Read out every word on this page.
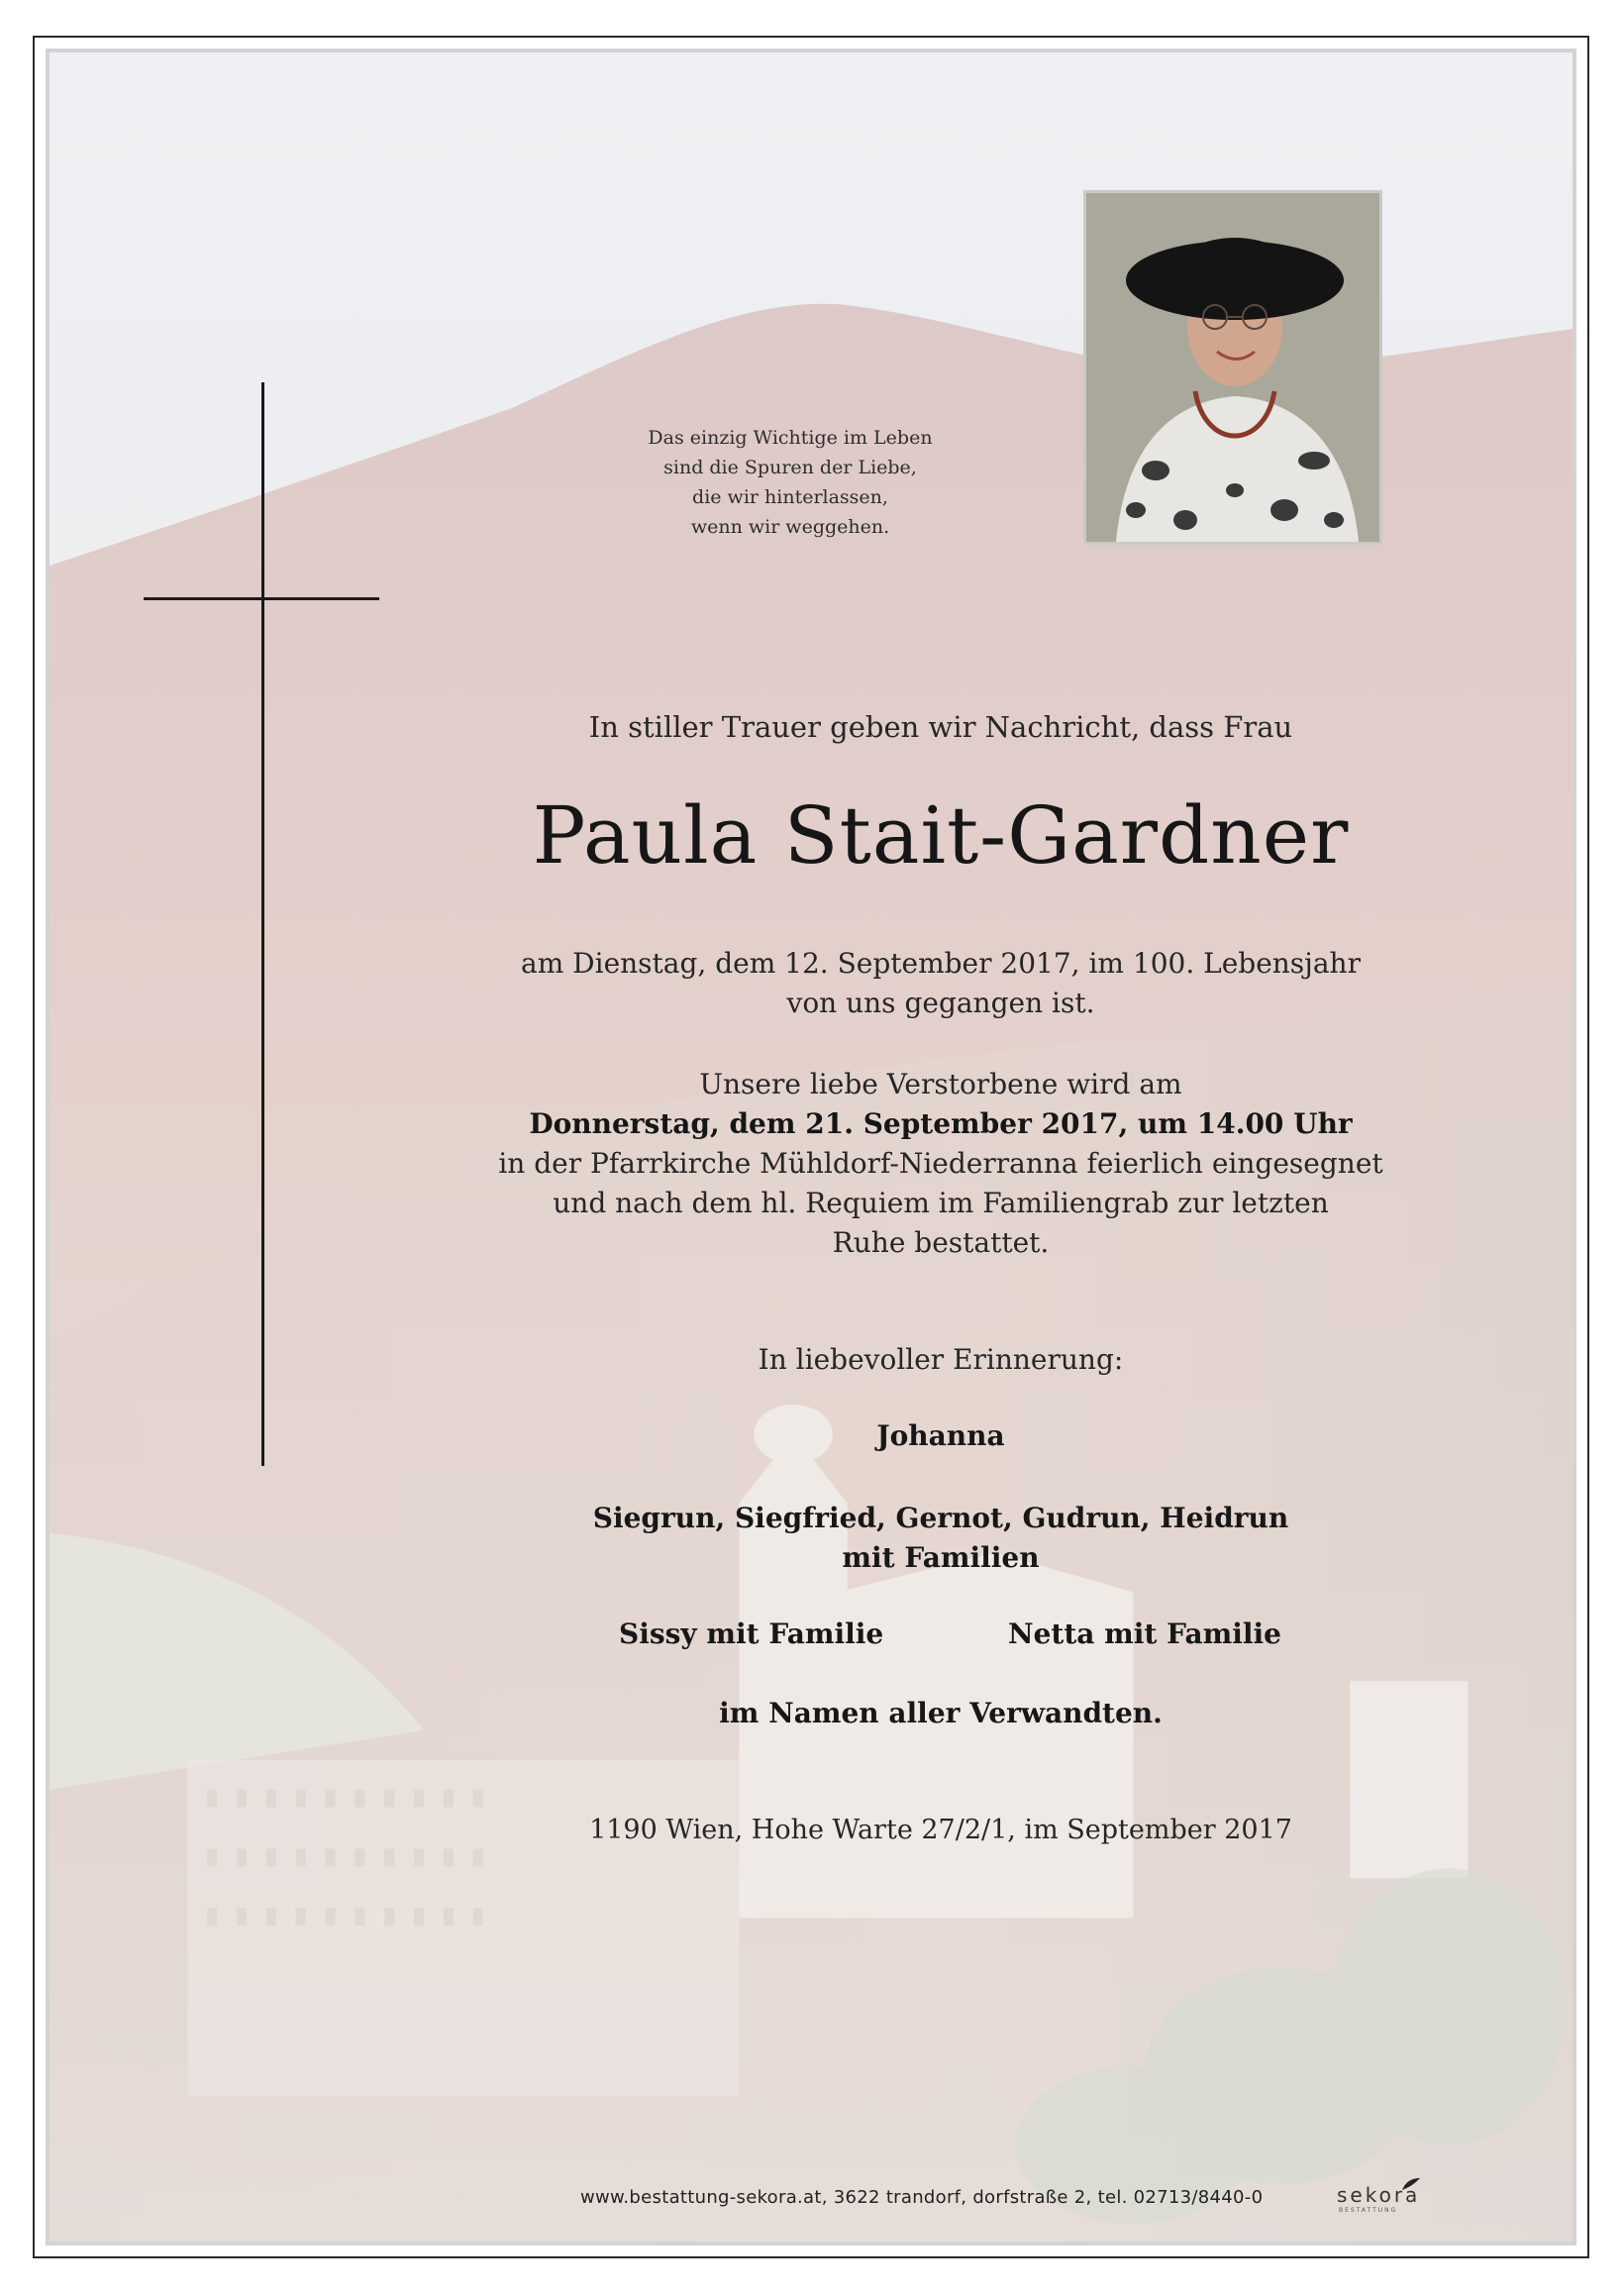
Das einzig Wichtige im Leben
sind die Spuren der Liebe,
die wir hinterlassen,
wenn wir weggehen.
In stiller Trauer geben wir Nachricht, dass Frau
Paula Stait-Gardner
am Dienstag, dem 12. September 2017, im 100. Lebensjahr
von uns gegangen ist.
Unsere liebe Verstorbene wird am
Donnerstag, dem 21. September 2017, um 14.00 Uhr
in der Pfarrkirche Mühldorf-Niederranna feierlich eingesegnet
und nach dem hl. Requiem im Familiengrab zur letzten
Ruhe bestattet.
In liebevoller Erinnerung:
Johanna
Siegrun, Siegfried, Gernot, Gudrun, Heidrun
mit Familien
Sissy mit Familie	Netta mit Familie
im Namen aller Verwandten.
1190 Wien, Hohe Warte 27/2/1, im September 2017
www.bestattung-sekora.at, 3622 trandorf, dorfstraße 2, tel. 02713/8440-0	sekora
BESTATTUNG
